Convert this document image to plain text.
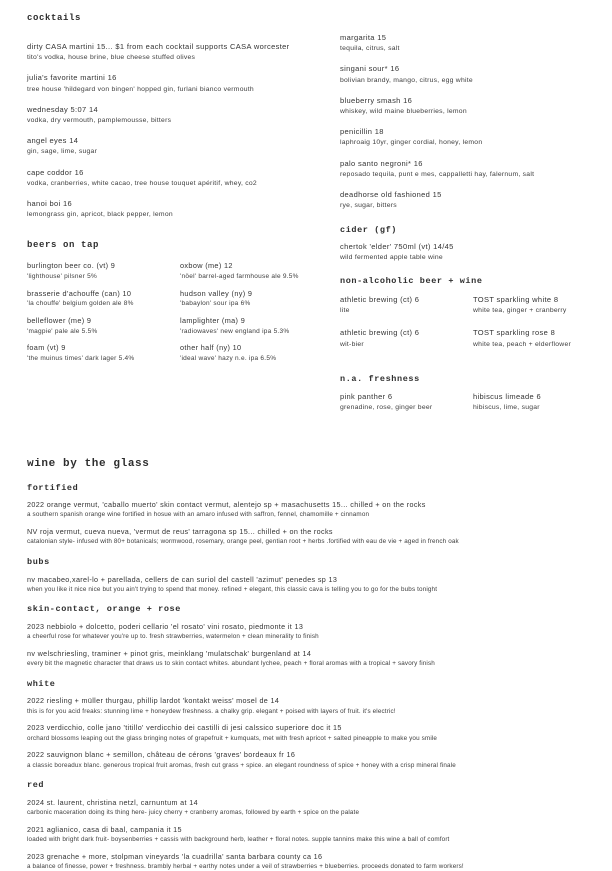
cocktails
dirty CASA martini 15... $1 from each cocktail supports CASA worcester
tito's vodka, house brine, blue cheese stuffed olives
julia's favorite martini 16
tree house 'hildegard von bingen' hopped gin, furlani bianco vermouth
wednesday 5:07 14
vodka, dry vermouth, pamplemousse, bitters
angel eyes 14
gin, sage, lime, sugar
cape coddor 16
vodka, cranberries, white cacao, tree house touquet apéritif, whey, co2
hanoi boi 16
lemongrass gin, apricot, black pepper, lemon
beers on tap
burlington beer co. (vt) 9
'lighthouse' pilsner 5%
brasserie d'achouffe (can) 10
'la chouffe' belgium golden ale 8%
belleflower (me) 9
'magpie' pale ale 5.5%
foam (vt) 9
'the muinus times' dark lager 5.4%
oxbow (me) 12
'nöel' barrel-aged farmhouse ale 9.5%
hudson valley (ny) 9
'babaylon' sour ipa 6%
lamplighter (ma) 9
'radiowaves' new england ipa 5.3%
other half (ny) 10
'ideal wave' hazy n.e. ipa 6.5%
margarita 15
tequila, citrus, salt
singani sour* 16
bolivian brandy, mango, citrus, egg white
blueberry smash 16
whiskey, wild maine blueberries, lemon
penicillin 18
laphroaig 10yr, ginger cordial, honey, lemon
palo santo negroni* 16
reposado tequila, punt e mes, cappalletti hay, falernum, salt
deadhorse old fashioned 15
rye, sugar, bitters
cider (gf)
chertok 'elder' 750ml (vt) 14/45
wild fermented apple table wine
non-alcoholic beer + wine
athletic brewing (ct) 6
lite
TOST sparkling white 8
white tea, ginger + cranberry
athletic brewing (ct) 6
wit-bier
TOST sparkling rose 8
white tea, peach + elderflower
n.a. freshness
pink panther 6
grenadine, rose, ginger beer
hibiscus limeade 6
hibiscus, lime, sugar
wine by the glass
fortified
2022 orange vermut, 'caballo muerto' skin contact vermut, alentejo sp + masachusetts 15... chilled + on the rocks
a southern spanish orange wine fortified in hosue with an amaro infused with saffron, fennel, chamomille + cinnamon
NV roja vermut, cueva nueva, 'vermut de reus' tarragona sp 15... chilled + on the rocks
catalonian style- infused with 80+ botanicals; wormwood, rosemary, orange peel, gentian root + herbs .fortified with eau de vie + aged in french oak
bubs
nv macabeo,xarel-lo + parellada, cellers de can suriol del castell 'azimut' penedes sp 13
when you like it nice nice but you ain't trying to spend that money. refined + elegant, this classic cava is telling you to go for the bubs tonight
skin-contact, orange + rose
2023 nebbiolo + dolcetto, poderi cellario 'el rosato' vini rosato, piedmonte it 13
a cheerful rose for whatever you're up to. fresh strawberries, watermelon + clean minerality to finish
nv welschriesling, traminer + pinot gris, meinklang 'mulatschak' burgenland at 14
every bit the magnetic character that draws us to skin contact whites. abundant lychee, peach + floral aromas with a tropical + savory finish
white
2022 riesling + müller thurgau, phillip lardot 'kontakt weiss' mosel de 14
this is for you acid freaks: stunning lime + honeydew freshness. a chalky grip. elegant + poised with layers of fruit. it's electric!
2023 verdicchio, colle jano 'titillo' verdicchio dei castilli di jesi calssico superiore doc it 15
orchard blossoms leaping out the glass bringing notes of grapefruit + kumquats, met with fresh apricot + salted pineapple to make you smile
2022 sauvignon blanc + semillon, château de cérons 'graves' bordeaux fr 16
a classic boreadux blanc. generous tropical fruit aromas, fresh cut grass + spice. an elegant roundness of spice + honey with a crisp mineral finale
red
2024 st. laurent, christina netzl, carnuntum at 14
carbonic maceration doing its thing here- juicy cherry + cranberry aromas, followed by earth + spice on the palate
2021 aglianico, casa di baal, campania it 15
loaded with bright dark fruit- boysenberries + cassis with background herb, leather + floral notes. supple tannins make this wine a ball of comfort
2023 grenache + more, stolpman vineyards 'la cuadrilla' santa barbara county ca 16
a balance of finesse, power + freshness. brambly herbal + earthy notes under a veil of strawberries + blueberries. proceeds donated to farm workers!
